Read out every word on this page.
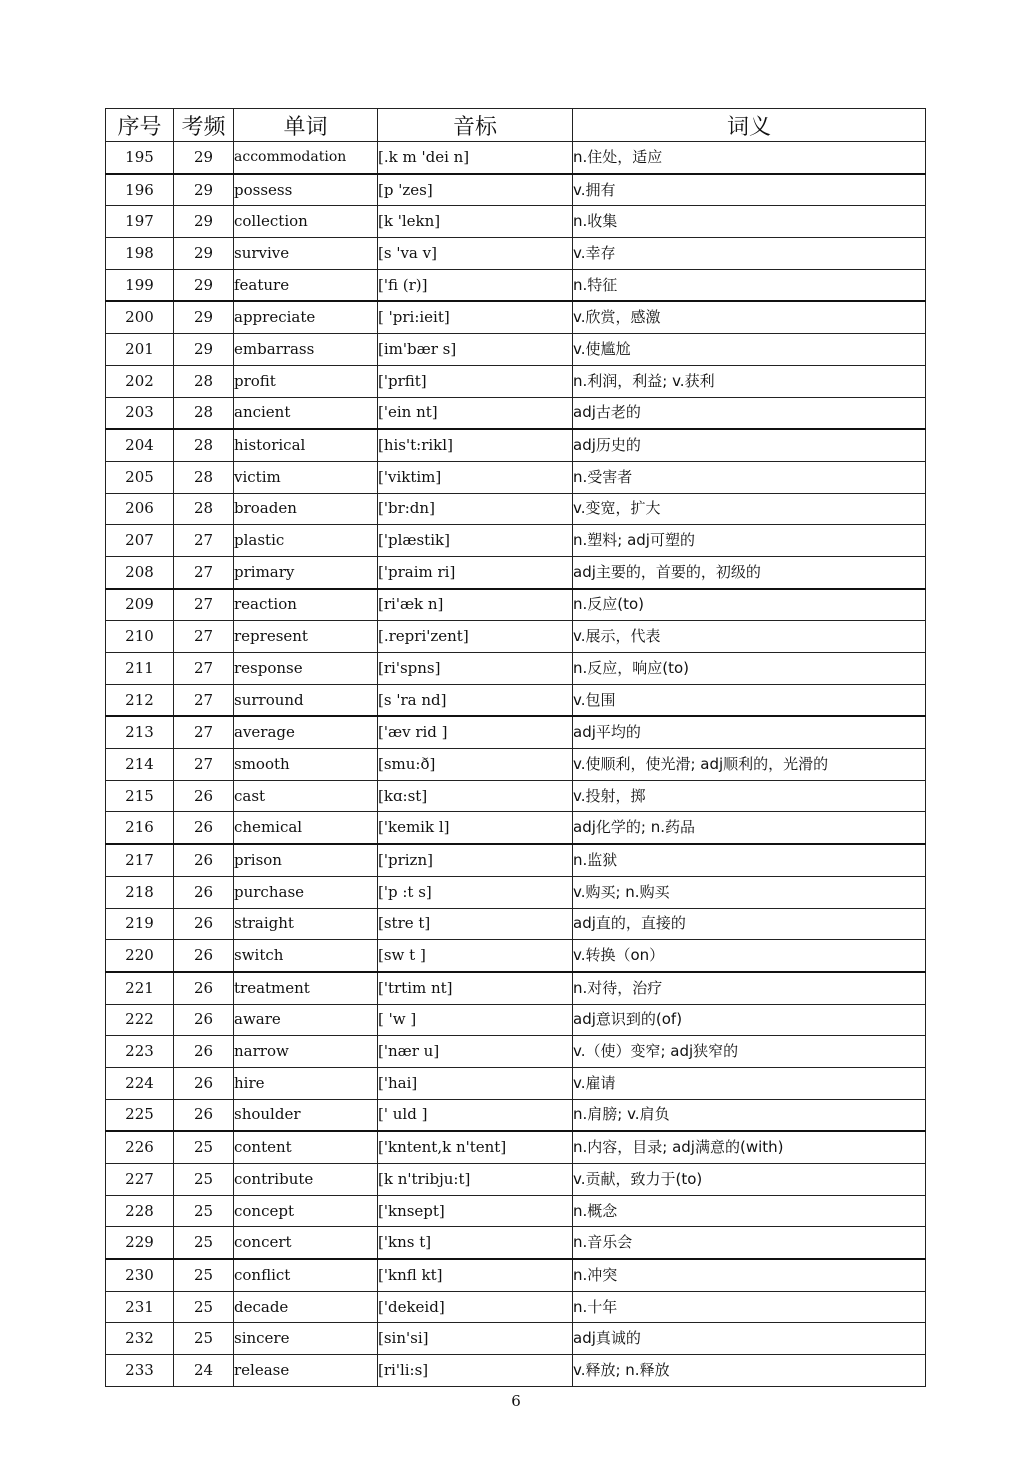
序号	考频	单词	音标	词义
195	29	accommodation	[.k m 'dei n]	n.住处，适应
196	29	possess	[p 'zes]	v.拥有
197	29	collection	[k 'lekn]	n.收集
198	29	survive	[s 'va v]	v.幸存
199	29	feature	['fi (r)]	n.特征
200	29	appreciate	[ 'pri:ieit]	v.欣赏，感激
201	29	embarrass	[im'bær s]	v.使尴尬
202	28	profit	['prfit]	n.利润，利益; v.获利
203	28	ancient	['ein nt]	adj古老的
204	28	historical	[his't:rikl]	adj历史的
205	28	victim	['viktim]	n.受害者
206	28	broaden	['br:dn]	v.变宽，扩大
207	27	plastic	['plæstik]	n.塑料; adj可塑的
208	27	primary	['praim ri]	adj主要的，首要的，初级的
209	27	reaction	[ri'æk n]	n.反应(to)
210	27	represent	[.repri'zent]	v.展示，代表
211	27	response	[ri'spns]	n.反应，响应(to)
212	27	surround	[s 'ra nd]	v.包围
213	27	average	['æv rid ]	adj平均的
214	27	smooth	[smu:ð]	v.使顺利，使光滑; adj顺利的，光滑的
215	26	cast	[kɑ:st]	v.投射，掷
216	26	chemical	['kemik l]	adj化学的; n.药品
217	26	prison	['prizn]	n.监狱
218	26	purchase	['p :t s]	v.购买; n.购买
219	26	straight	[stre t]	adj直的，直接的
220	26	switch	[sw t ]	v.转换（on）
221	26	treatment	['trtim nt]	n.对待，治疗
222	26	aware	[ 'w ]	adj意识到的(of)
223	26	narrow	['nær u]	v.（使）变窄; adj狭窄的
224	26	hire	['hai]	v.雇请
225	26	shoulder	[' uld ]	n.肩膀; v.肩负
226	25	content	['kntent,k n'tent]	n.内容，目录; adj满意的(with)
227	25	contribute	[k n'tribju:t]	v.贡献，致力于(to)
228	25	concept	['knsept]	n.概念
229	25	concert	['kns t]	n.音乐会
230	25	conflict	['knfl kt]	n.冲突
231	25	decade	['dekeid]	n.十年
232	25	sincere	[sin'si]	adj真诚的
233	24	release	[ri'li:s]	v.释放; n.释放
6
